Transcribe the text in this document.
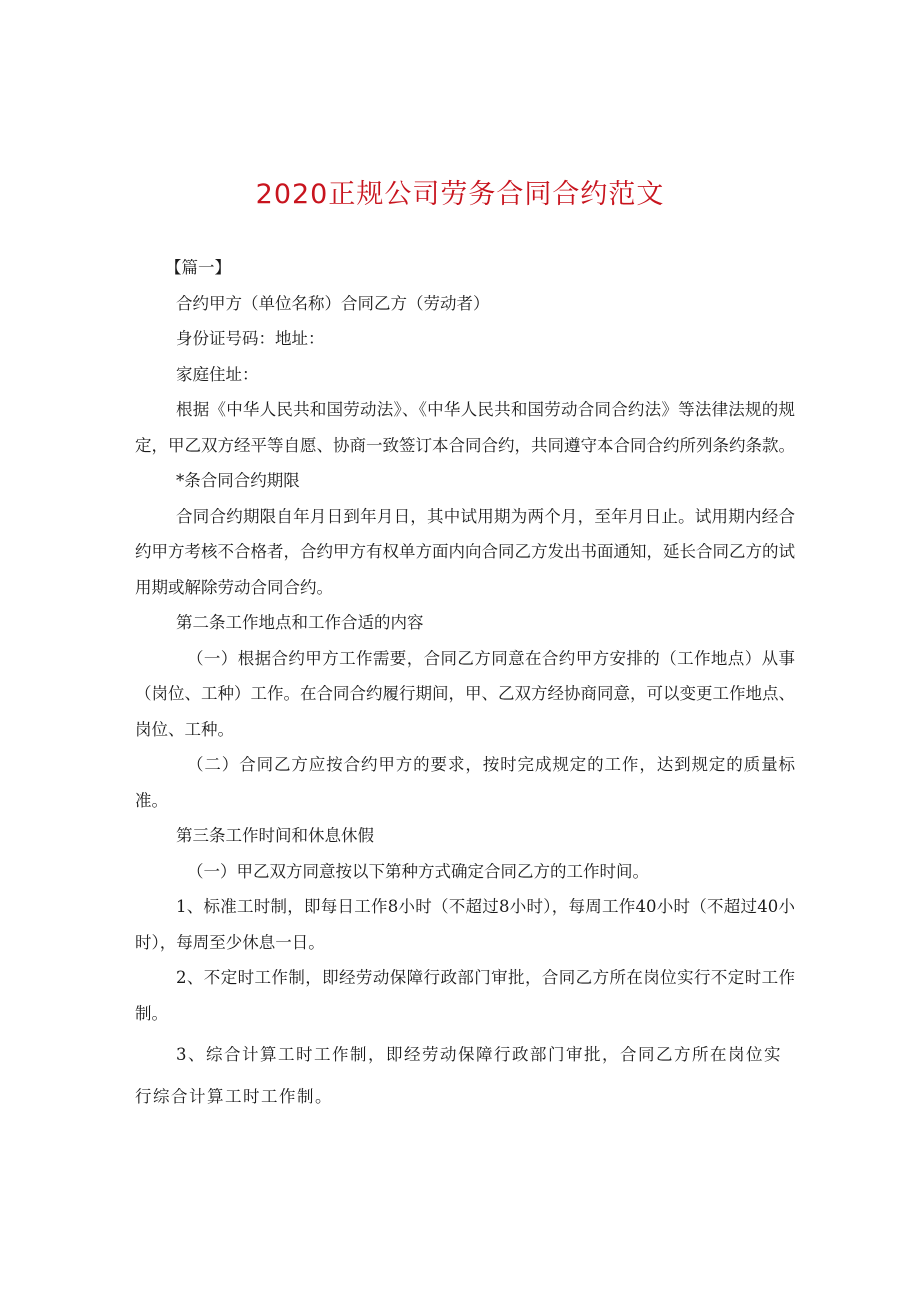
2020正规公司劳务合同合约范文

【篇一】

合约甲方（单位名称）合同乙方（劳动者）

身份证号码：地址：

家庭住址：

根据《中华人民共和国劳动法》、《中华人民共和国劳动合同合约法》等法律法规的规定，甲乙双方经平等自愿、协商一致签订本合同合约，共同遵守本合同合约所列条约条款。

*条合同合约期限

合同合约期限自年月日到年月日，其中试用期为两个月，至年月日止。试用期内经合约甲方考核不合格者，合约甲方有权单方面内向合同乙方发出书面通知，延长合同乙方的试用期或解除劳动合同合约。

第二条工作地点和工作合适的内容

（一）根据合约甲方工作需要，合同乙方同意在合约甲方安排的（工作地点）从事（岗位、工种）工作。在合同合约履行期间，甲、乙双方经协商同意，可以变更工作地点、岗位、工种。

（二）合同乙方应按合约甲方的要求，按时完成规定的工作，达到规定的质量标准。

第三条工作时间和休息休假

（一）甲乙双方同意按以下第种方式确定合同乙方的工作时间。

1、标准工时制，即每日工作8小时（不超过8小时），每周工作40小时（不超过40小时），每周至少休息一日。

2、不定时工作制，即经劳动保障行政部门审批，合同乙方所在岗位实行不定时工作制。

3、综合计算工时工作制，即经劳动保障行政部门审批，合同乙方所在岗位实

行综合计算工时工作制。
